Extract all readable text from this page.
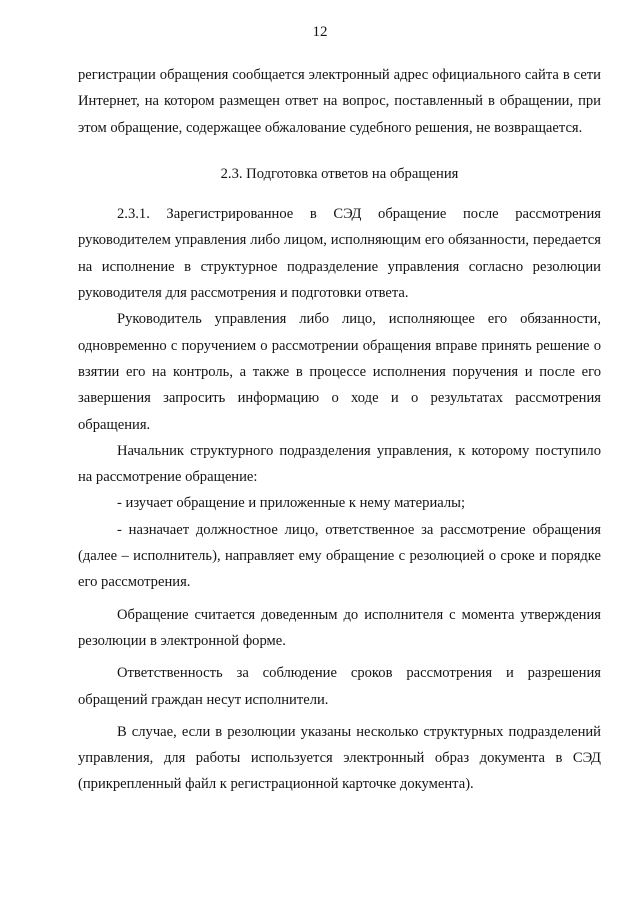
12

регистрации обращения сообщается электронный адрес официального сайта в сети Интернет, на котором размещен ответ на вопрос, поставленный в обращении, при этом обращение, содержащее обжалование судебного решения, не возвращается.

2.3. Подготовка ответов на обращения

2.3.1. Зарегистрированное в СЭД обращение после рассмотрения руководителем управления либо лицом, исполняющим его обязанности, передается на исполнение в структурное подразделение управления согласно резолюции руководителя для рассмотрения и подготовки ответа.

Руководитель управления либо лицо, исполняющее его обязанности, одновременно с поручением о рассмотрении обращения вправе принять решение о взятии его на контроль, а также в процессе исполнения поручения и после его завершения запросить информацию о ходе и о результатах рассмотрения обращения.

Начальник структурного подразделения управления, к которому поступило на рассмотрение обращение:

- изучает обращение и приложенные к нему материалы;

- назначает должностное лицо, ответственное за рассмотрение обращения (далее – исполнитель), направляет ему обращение с резолюцией о сроке и порядке его рассмотрения.

Обращение считается доведенным до исполнителя с момента утверждения резолюции в электронной форме.

Ответственность за соблюдение сроков рассмотрения и разрешения обращений граждан несут исполнители.

В случае, если в резолюции указаны несколько структурных подразделений управления, для работы используется электронный образ документа в СЭД (прикрепленный файл к регистрационной карточке документа).
